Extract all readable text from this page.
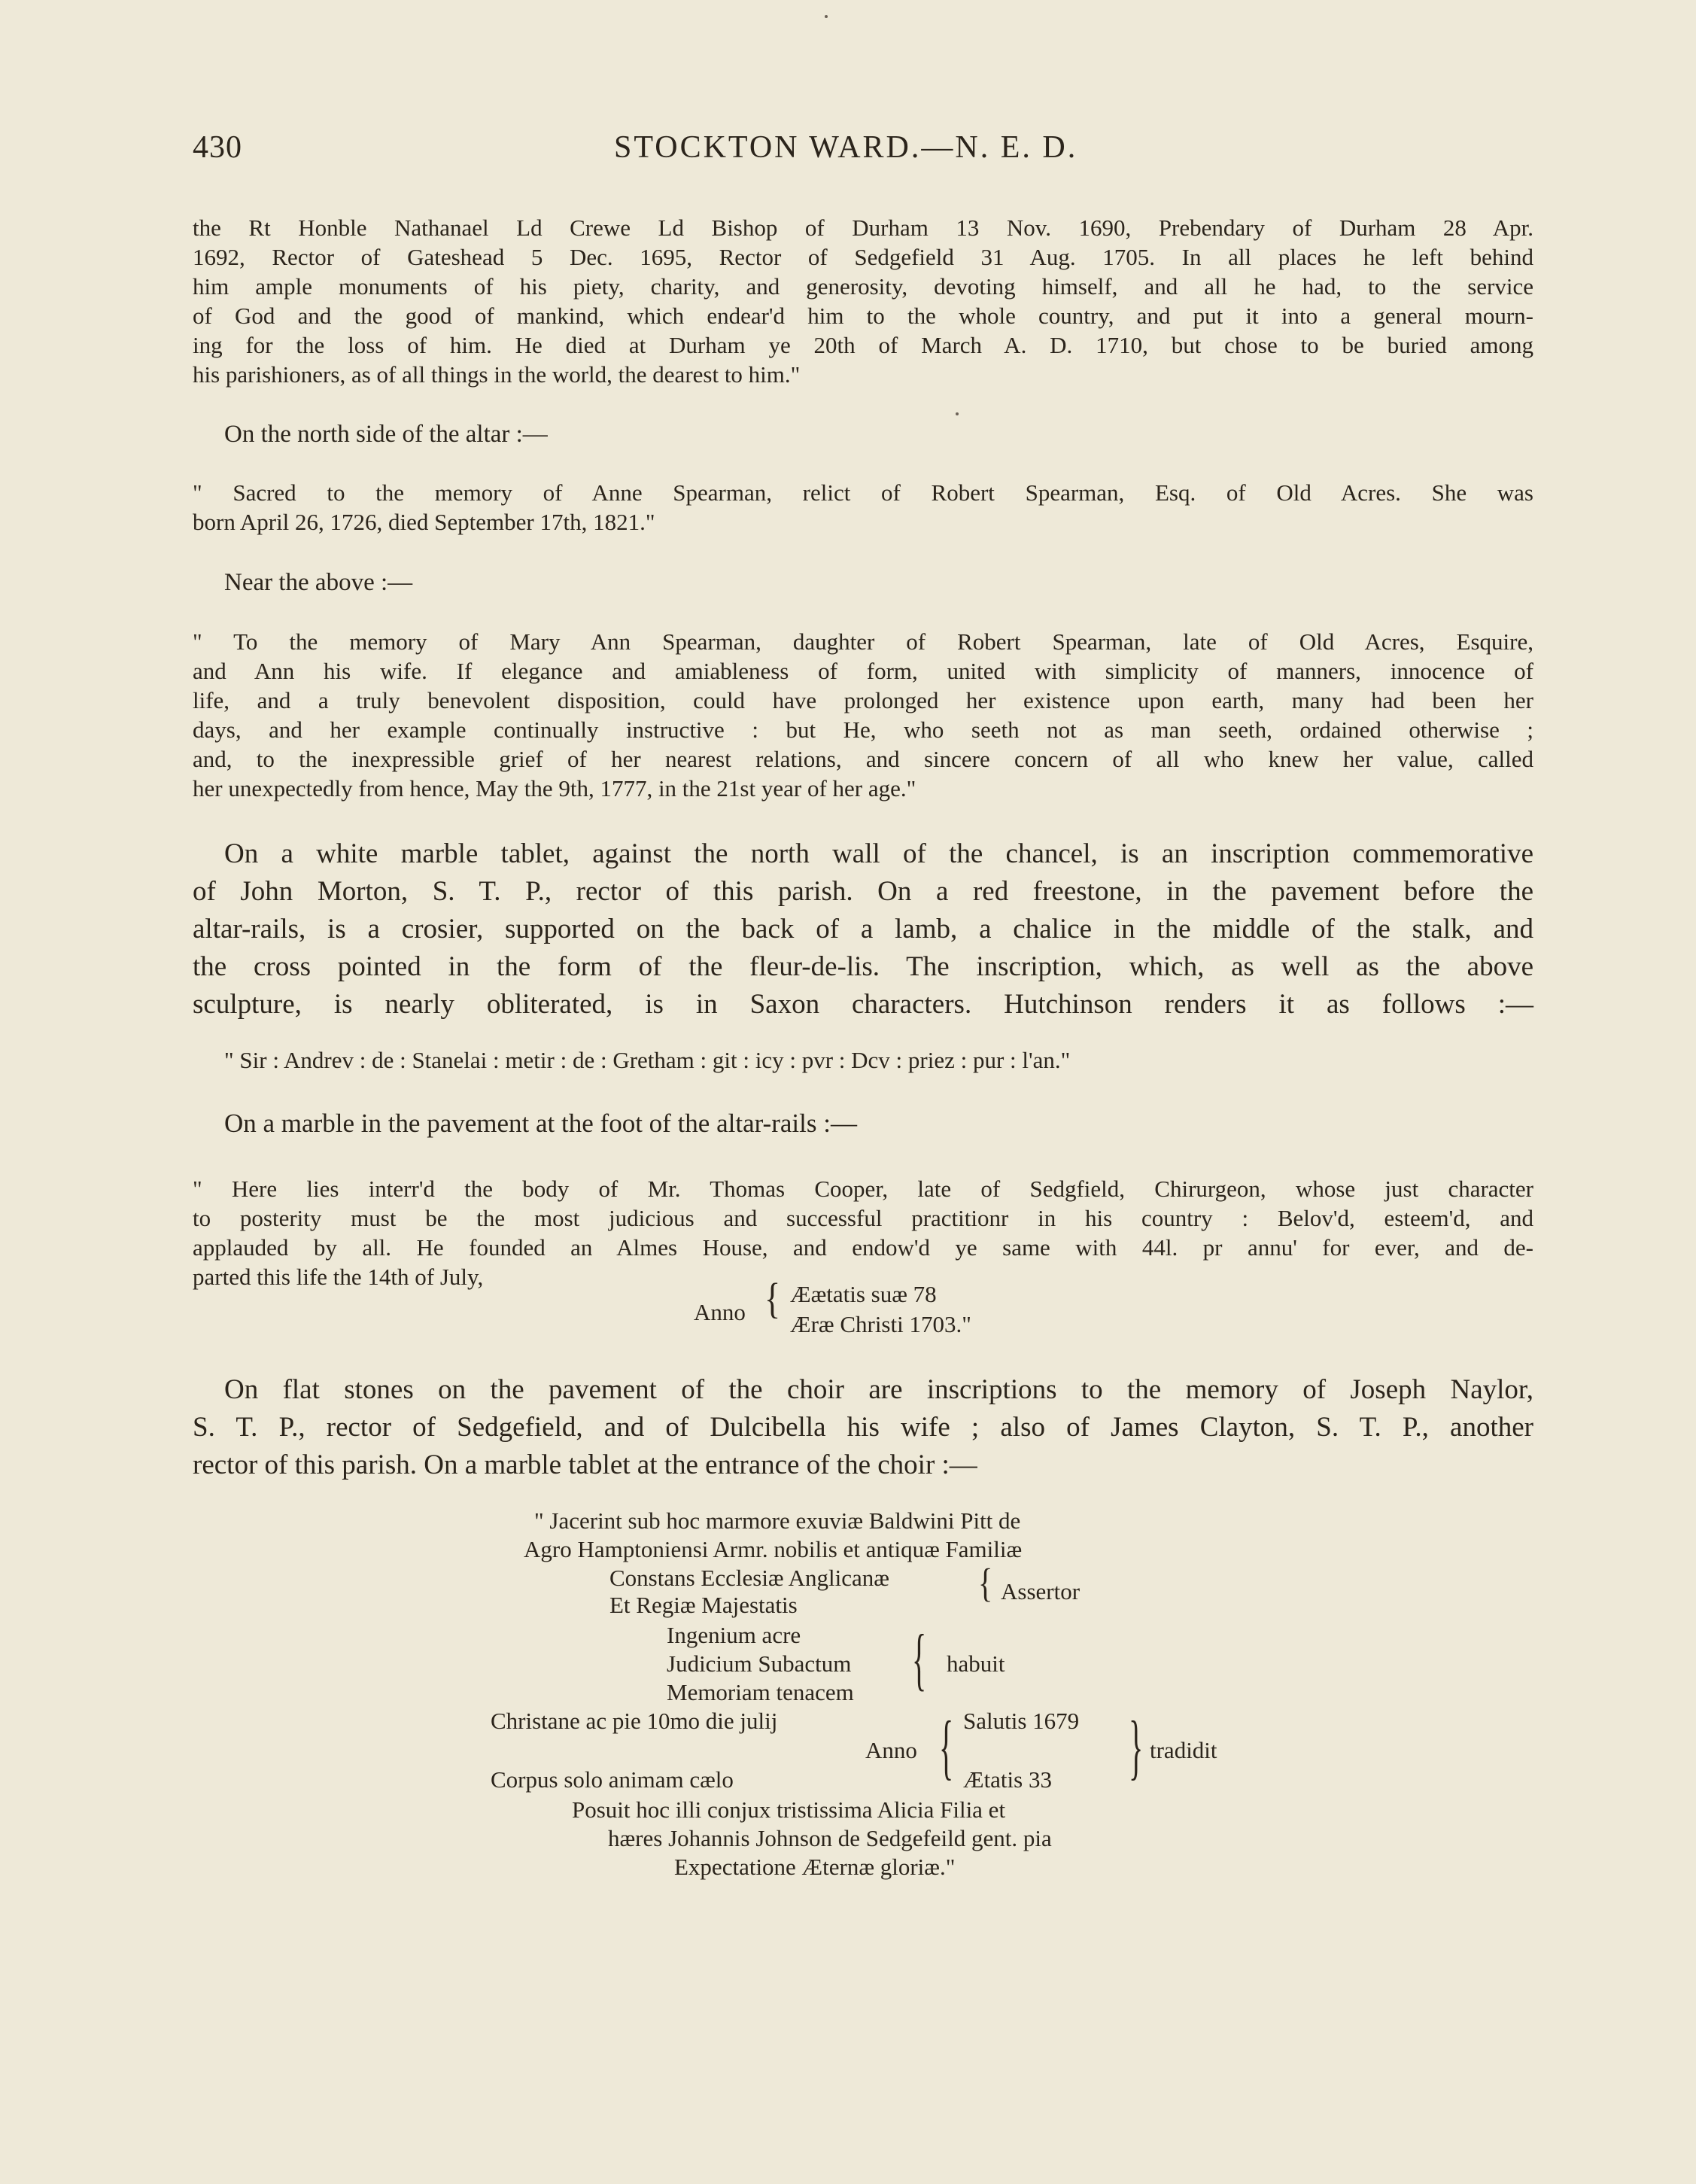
430	STOCKTON WARD.—N. E. D.
the Rt Honble Nathanael Ld Crewe Ld Bishop of Durham 13 Nov. 1690, Prebendary of Durham 28 Apr.
1692, Rector of Gateshead 5 Dec. 1695, Rector of Sedgefield 31 Aug. 1705. In all places he left behind
him ample monuments of his piety, charity, and generosity, devoting himself, and all he had, to the service
of God and the good of mankind, which endear'd him to the whole country, and put it into a general mourn-
ing for the loss of him. He died at Durham ye 20th of March A. D. 1710, but chose to be buried among
his parishioners, as of all things in the world, the dearest to him."
On the north side of the altar :—
" Sacred to the memory of Anne Spearman, relict of Robert Spearman, Esq. of Old Acres. She was
born April 26, 1726, died September 17th, 1821."
Near the above :—
" To the memory of Mary Ann Spearman, daughter of Robert Spearman, late of Old Acres, Esquire,
and Ann his wife. If elegance and amiableness of form, united with simplicity of manners, innocence of
life, and a truly benevolent disposition, could have prolonged her existence upon earth, many had been her
days, and her example continually instructive : but He, who seeth not as man seeth, ordained otherwise ;
and, to the inexpressible grief of her nearest relations, and sincere concern of all who knew her value, called
her unexpectedly from hence, May the 9th, 1777, in the 21st year of her age."
On a white marble tablet, against the north wall of the chancel, is an inscription commemorative
of John Morton, S. T. P., rector of this parish. On a red freestone, in the pavement before the
altar-rails, is a crosier, supported on the back of a lamb, a chalice in the middle of the stalk, and
the cross pointed in the form of the fleur-de-lis. The inscription, which, as well as the above
sculpture, is nearly obliterated, is in Saxon characters. Hutchinson renders it as follows :—
" Sir : Andrev : de : Stanelai : metir : de : Gretham : git : icy : pvr : Dcv : priez : pur : l'an."
On a marble in the pavement at the foot of the altar-rails :—
" Here lies interr'd the body of Mr. Thomas Cooper, late of Sedgfield, Chirurgeon, whose just character
to posterity must be the most judicious and successful practitionr in his country : Belov'd, esteem'd, and
applauded by all. He founded an Almes House, and endow'd ye same with 44l. pr annu' for ever, and de-
parted this life the 14th of July,
Anno { Æætatis suæ 78
Æræ Christi 1703."
On flat stones on the pavement of the choir are inscriptions to the memory of Joseph Naylor,
S. T. P., rector of Sedgefield, and of Dulcibella his wife ; also of James Clayton, S. T. P., another
rector of this parish. On a marble tablet at the entrance of the choir :—
" Jacerint sub hoc marmore exuviæ Baldwini Pitt de
Agro Hamptoniensi Armr. nobilis et antiquæ Familiæ
Constans Ecclesiæ Anglicanæ
Et Regiæ Majestatis	{ Assertor
Ingenium acre
Judicium Subactum
Memoriam tenacem { habuit
Christane ac pie 10mo die julij
Anno { Salutis 1679
Corpus solo animam cælo	Ætatis 33	{ tradidit
Posuit hoc illi conjux tristissima Alicia Filia et
hæres Johannis Johnson de Sedgefeild gent. pia
Expectatione Æternæ gloriæ."
